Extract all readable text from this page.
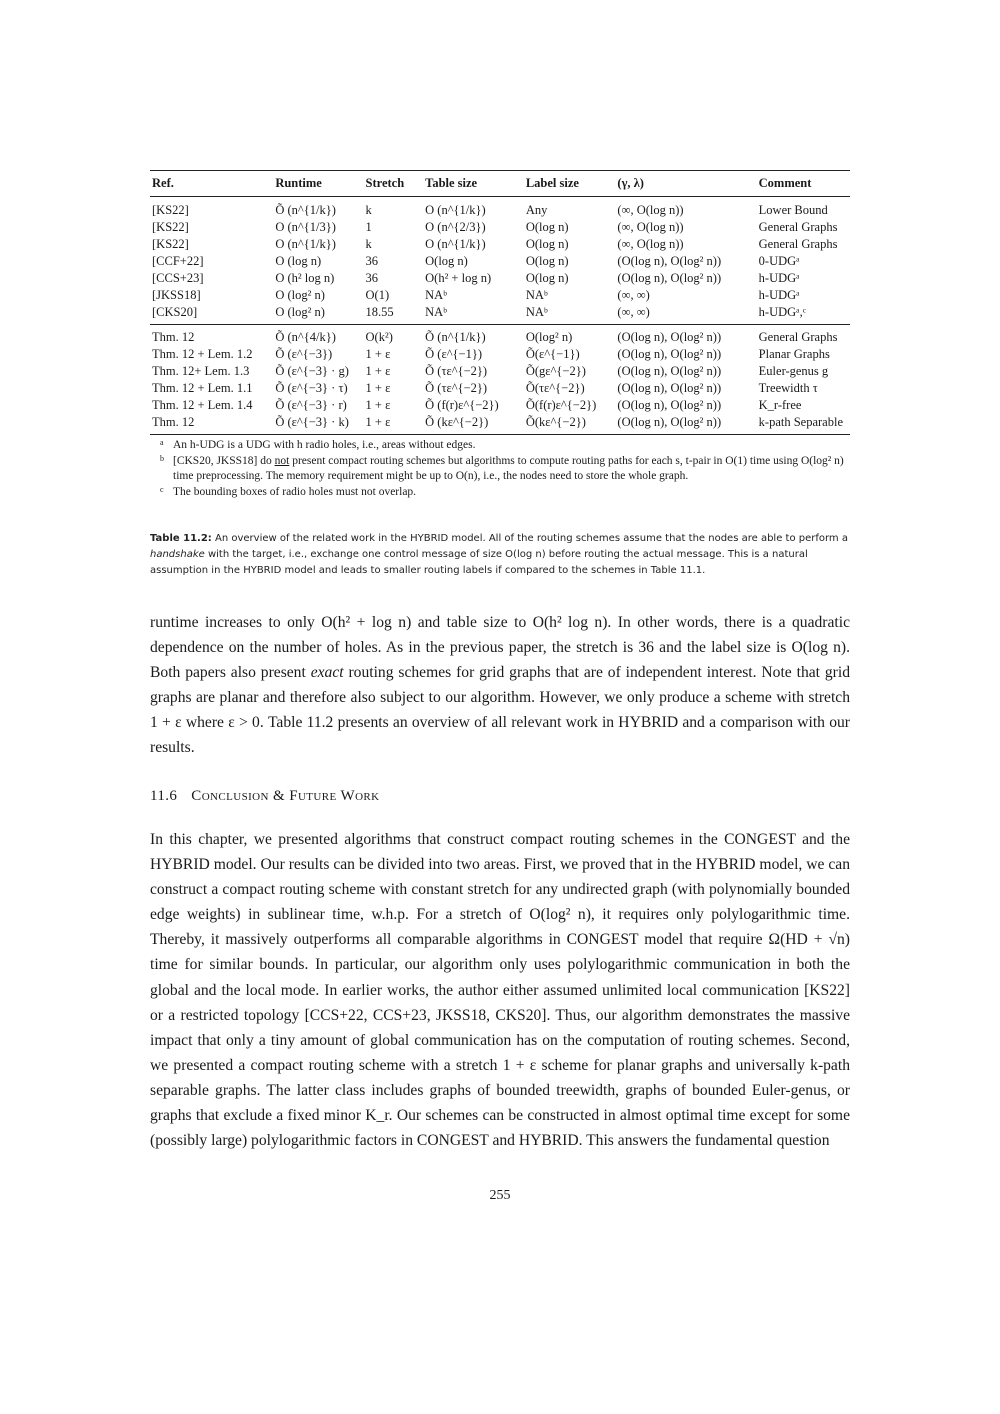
Ref.	Runtime	Stretch	Table size	Label size	(γ, λ)	Comment
[KS22]	Õ (n^{1/k})	k	O (n^{1/k})	Any	(∞, O(log n))	Lower Bound
[KS22]	O (n^{1/3})	1	O (n^{2/3})	O(log n)	(∞, O(log n))	General Graphs
[KS22]	O (n^{1/k})	k	O (n^{1/k})	O(log n)	(∞, O(log n))	General Graphs
[CCF+22]	O (log n)	36	O(log n)	O(log n)	(O(log n), O(log² n))	0-UDGᵃ
[CCS+23]	O (h² log n)	36	O(h² + log n)	O(log n)	(O(log n), O(log² n))	h-UDGᵃ
[JKSS18]	O (log² n)	O(1)	NAᵇ	NAᵇ	(∞, ∞)	h-UDGᵃ
[CKS20]	O (log² n)	18.55	NAᵇ	NAᵇ	(∞, ∞)	h-UDGᵃ,ᶜ
Thm. 12	Õ (n^{4/k})	O(k²)	Õ (n^{1/k})	O(log² n)	(O(log n), O(log² n))	General Graphs
Thm. 12 + Lem. 1.2	Õ (ε^{−3})	1 + ε	Õ (ε^{−1})	Õ(ε^{−1})	(O(log n), O(log² n))	Planar Graphs
Thm. 12+ Lem. 1.3	Õ (ε^{−3} · g)	1 + ε	Õ (τε^{−2})	Õ(gε^{−2})	(O(log n), O(log² n))	Euler-genus g
Thm. 12 + Lem. 1.1	Õ (ε^{−3} · τ)	1 + ε	Õ (τε^{−2})	Õ(τε^{−2})	(O(log n), O(log² n))	Treewidth τ
Thm. 12 + Lem. 1.4	Õ (ε^{−3} · r)	1 + ε	Õ (f(r)ε^{−2})	Õ(f(r)ε^{−2})	(O(log n), O(log² n))	K_r-free
Thm. 12	Õ (ε^{−3} · k)	1 + ε	Õ (kε^{−2})	Õ(kε^{−2})	(O(log n), O(log² n))	k-path Separable
a An h-UDG is a UDG with h radio holes, i.e., areas without edges.
b [CKS20, JKSS18] do not present compact routing schemes but algorithms to compute routing paths for each s, t-pair in O(1) time using O(log² n) time preprocessing. The memory requirement might be up to O(n), i.e., the nodes need to store the whole graph.
c The bounding boxes of radio holes must not overlap.
Table 11.2: An overview of the related work in the HYBRID model. All of the routing schemes assume that the nodes are able to perform a handshake with the target, i.e., exchange one control message of size O(log n) before routing the actual message. This is a natural assumption in the HYBRID model and leads to smaller routing labels if compared to the schemes in Table 11.1.

runtime increases to only O(h² + log n) and table size to O(h² log n). In other words, there is a quadratic dependence on the number of holes. As in the previous paper, the stretch is 36 and the label size is O(log n). Both papers also present exact routing schemes for grid graphs that are of independent interest. Note that grid graphs are planar and therefore also subject to our algorithm. However, we only produce a scheme with stretch 1 + ε where ε > 0. Table 11.2 presents an overview of all relevant work in HYBRID and a comparison with our results.

11.6 Conclusion & Future Work

In this chapter, we presented algorithms that construct compact routing schemes in the CONGEST and the HYBRID model. Our results can be divided into two areas. First, we proved that in the HYBRID model, we can construct a compact routing scheme with constant stretch for any undirected graph (with polynomially bounded edge weights) in sublinear time, w.h.p. For a stretch of O(log² n), it requires only polylogarithmic time. Thereby, it massively outperforms all comparable algorithms in CONGEST model that require Ω(HD + √n) time for similar bounds. In particular, our algorithm only uses polylogarithmic communication in both the global and the local mode. In earlier works, the author either assumed unlimited local communication [KS22] or a restricted topology [CCS+22, CCS+23, JKSS18, CKS20]. Thus, our algorithm demonstrates the massive impact that only a tiny amount of global communication has on the computation of routing schemes. Second, we presented a compact routing scheme with a stretch 1 + ε scheme for planar graphs and universally k-path separable graphs. The latter class includes graphs of bounded treewidth, graphs of bounded Euler-genus, or graphs that exclude a fixed minor K_r. Our schemes can be constructed in almost optimal time except for some (possibly large) polylogarithmic factors in CONGEST and HYBRID. This answers the fundamental question

255
